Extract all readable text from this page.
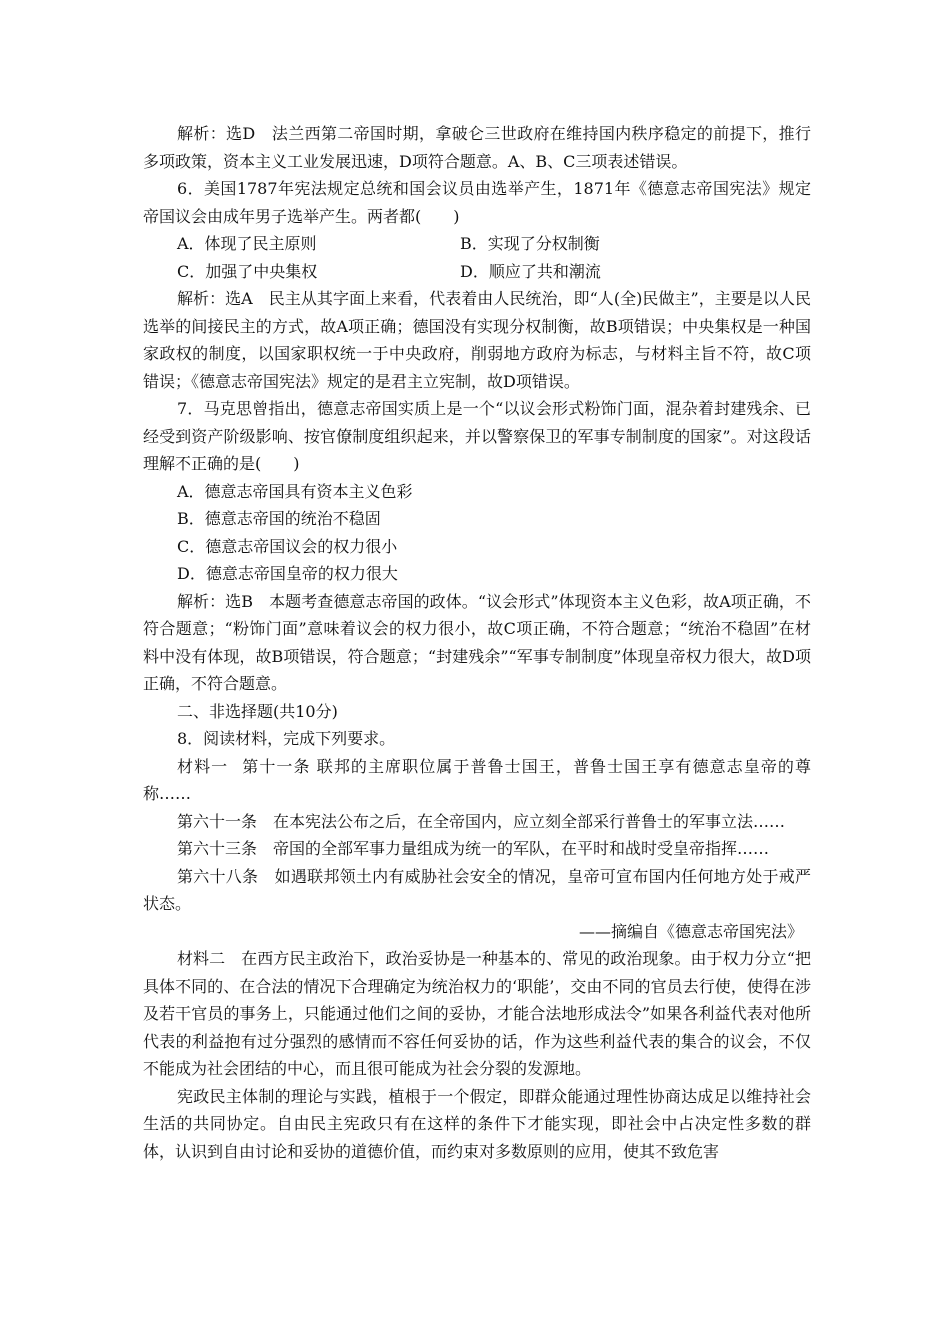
解析：选D　法兰西第二帝国时期，拿破仑三世政府在维持国内秩序稳定的前提下，推行多项政策，资本主义工业发展迅速，D项符合题意。A、B、C三项表述错误。

6．美国1787年宪法规定总统和国会议员由选举产生，1871年《德意志帝国宪法》规定帝国议会由成年男子选举产生。两者都(　　)

A．体现了民主原则	B．实现了分权制衡
C．加强了中央集权	D．顺应了共和潮流

解析：选A　民主从其字面上来看，代表着由人民统治，即“人(全)民做主”，主要是以人民选举的间接民主的方式，故A项正确；德国没有实现分权制衡，故B项错误；中央集权是一种国家政权的制度，以国家职权统一于中央政府，削弱地方政府为标志，与材料主旨不符，故C项错误；《德意志帝国宪法》规定的是君主立宪制，故D项错误。

7．马克思曾指出，德意志帝国实质上是一个“以议会形式粉饰门面，混杂着封建残余、已经受到资产阶级影响、按官僚制度组织起来，并以警察保卫的军事专制制度的国家”。对这段话理解不正确的是(　　)

A．德意志帝国具有资本主义色彩

B．德意志帝国的统治不稳固

C．德意志帝国议会的权力很小

D．德意志帝国皇帝的权力很大

解析：选B　本题考查德意志帝国的政体。“议会形式”体现资本主义色彩，故A项正确，不符合题意；“粉饰门面”意味着议会的权力很小，故C项正确，不符合题意；“统治不稳固”在材料中没有体现，故B项错误，符合题意；“封建残余”“军事专制制度”体现皇帝权力很大，故D项正确，不符合题意。

二、非选择题(共10分)

8．阅读材料，完成下列要求。

材料一 第十一条 联邦的主席职位属于普鲁士国王，普鲁士国王享有德意志皇帝的尊称……

第六十一条　在本宪法公布之后，在全帝国内，应立刻全部采行普鲁士的军事立法……

第六十三条　帝国的全部军事力量组成为统一的军队，在平时和战时受皇帝指挥……

第六十八条　如遇联邦领土内有威胁社会安全的情况，皇帝可宣布国内任何地方处于戒严状态。

——摘编自《德意志帝国宪法》

材料二　在西方民主政治下，政治妥协是一种基本的、常见的政治现象。由于权力分立“把具体不同的、在合法的情况下合理确定为统治权力的‘职能’，交由不同的官员去行使，使得在涉及若干官员的事务上，只能通过他们之间的妥协，才能合法地形成法令”如果各利益代表对他所代表的利益抱有过分强烈的感情而不容任何妥协的话，作为这些利益代表的集合的议会，不仅不能成为社会团结的中心，而且很可能成为社会分裂的发源地。

宪政民主体制的理论与实践，植根于一个假定，即群众能通过理性协商达成足以维持社会生活的共同协定。自由民主宪政只有在这样的条件下才能实现，即社会中占决定性多数的群体，认识到自由讨论和妥协的道德价值，而约束对多数原则的应用，使其不致危害
